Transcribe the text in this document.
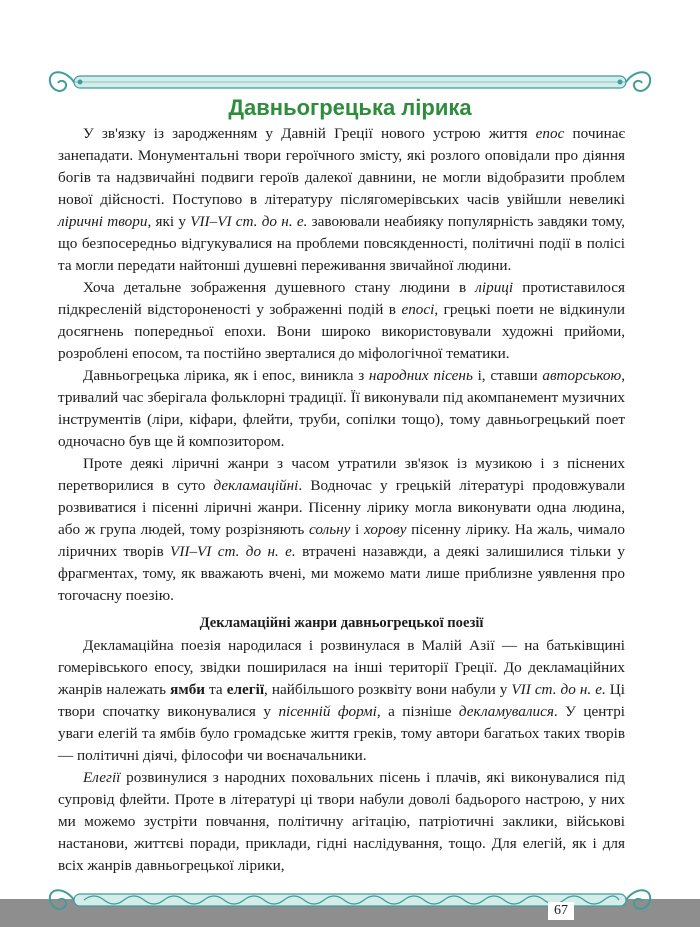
Давньогрецька лірика

У зв'язку із зародженням у Давній Греції нового устрою життя епос починає занепадати. Монументальні твори героїчного змісту, які розлого оповідали про діяння богів та надзвичайні подвиги героїв далекої давнини, не могли відобразити проблем нової дійсності. Поступово в літературу післягомерівських часів увійшли невеликі ліричні твори, які у VII–VI ст. до н. е. завоювали неабияку популярність завдяки тому, що безпосередньо відгукувалися на проблеми повсякденності, політичні події в полісі та могли передати найтонші душевні переживання звичайної людини.

Хоча детальне зображення душевного стану людини в ліриці протиставилося підкресленій відстороненості у зображенні подій в епосі, грецькі поети не відкинули досягнень попередньої епохи. Вони широко використовували художні прийоми, розроблені епосом, та постійно зверталися до міфологічної тематики.

Давньогрецька лірика, як і епос, виникла з народних пісень і, ставши авторською, тривалий час зберігала фольклорні традиції. Її виконували під акомпанемент музичних інструментів (ліри, кіфари, флейти, труби, сопілки тощо), тому давньогрецький поет одночасно був ще й композитором.

Проте деякі ліричні жанри з часом утратили зв'язок із музикою і з піснених перетворилися в суто декламаційні. Водночас у грецькій літературі продовжували розвиватися і пісенні ліричні жанри. Пісенну лірику могла виконувати одна людина, або ж група людей, тому розрізняють сольну і хорову пісенну лірику. На жаль, чимало ліричних творів VII–VI ст. до н. е. втрачені назавжди, а деякі залишилися тільки у фрагментах, тому, як вважають вчені, ми можемо мати лише приблизне уявлення про тогочасну поезію.

Декламаційні жанри давньогрецької поезії

Декламаційна поезія народилася і розвинулася в Малій Азії — на батьківщині гомерівського епосу, звідки поширилася на інші території Греції. До декламаційних жанрів належать ямби та елегії, найбільшого розквіту вони набули у VII ст. до н. е. Ці твори спочатку виконувалися у пісенній формі, а пізніше декламувалися. У центрі уваги елегій та ямбів було громадське життя греків, тому автори багатьох таких творів — політичні діячі, філософи чи воєначальники.

Елегії розвинулися з народних поховальних пісень і плачів, які виконувалися під супровід флейти. Проте в літературі ці твори набули доволі бадьорого настрою, у них ми можемо зустріти повчання, політичну агітацію, патріотичні заклики, військові настанови, життєві поради, приклади, гідні наслідування, тощо. Для елегій, як і для всіх жанрів давньогрецької лірики,

67
